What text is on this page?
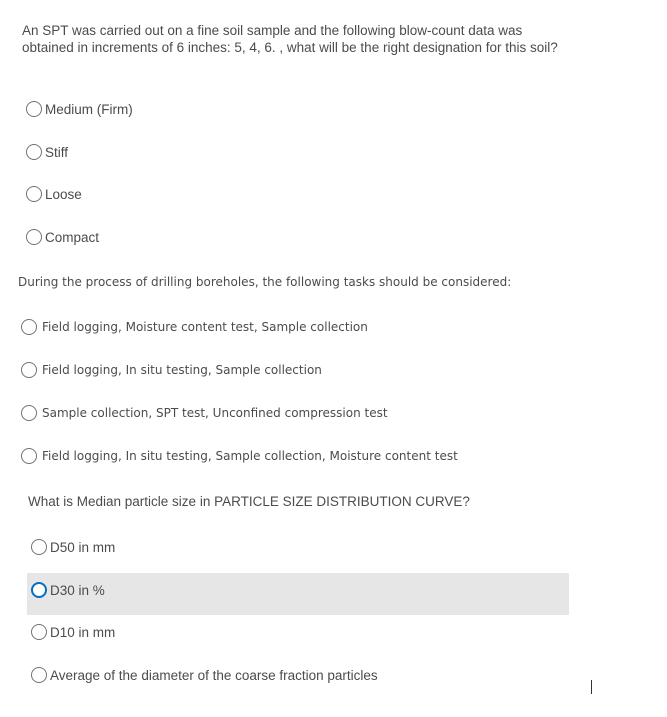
An SPT was carried out on a fine soil sample and the following blow-count data was obtained in increments of 6 inches: 5, 4, 6. , what will be the right designation for this soil?

Medium (Firm)
Stiff
Loose
Compact

During the process of drilling boreholes, the following tasks should be considered:

Field logging, Moisture content test, Sample collection
Field logging, In situ testing, Sample collection
Sample collection, SPT test, Unconfined compression test
Field logging, In situ testing, Sample collection, Moisture content test

What is Median particle size in PARTICLE SIZE DISTRIBUTION CURVE?

D50 in mm
D30 in %
D10 in mm
Average of the diameter of the coarse fraction particles
